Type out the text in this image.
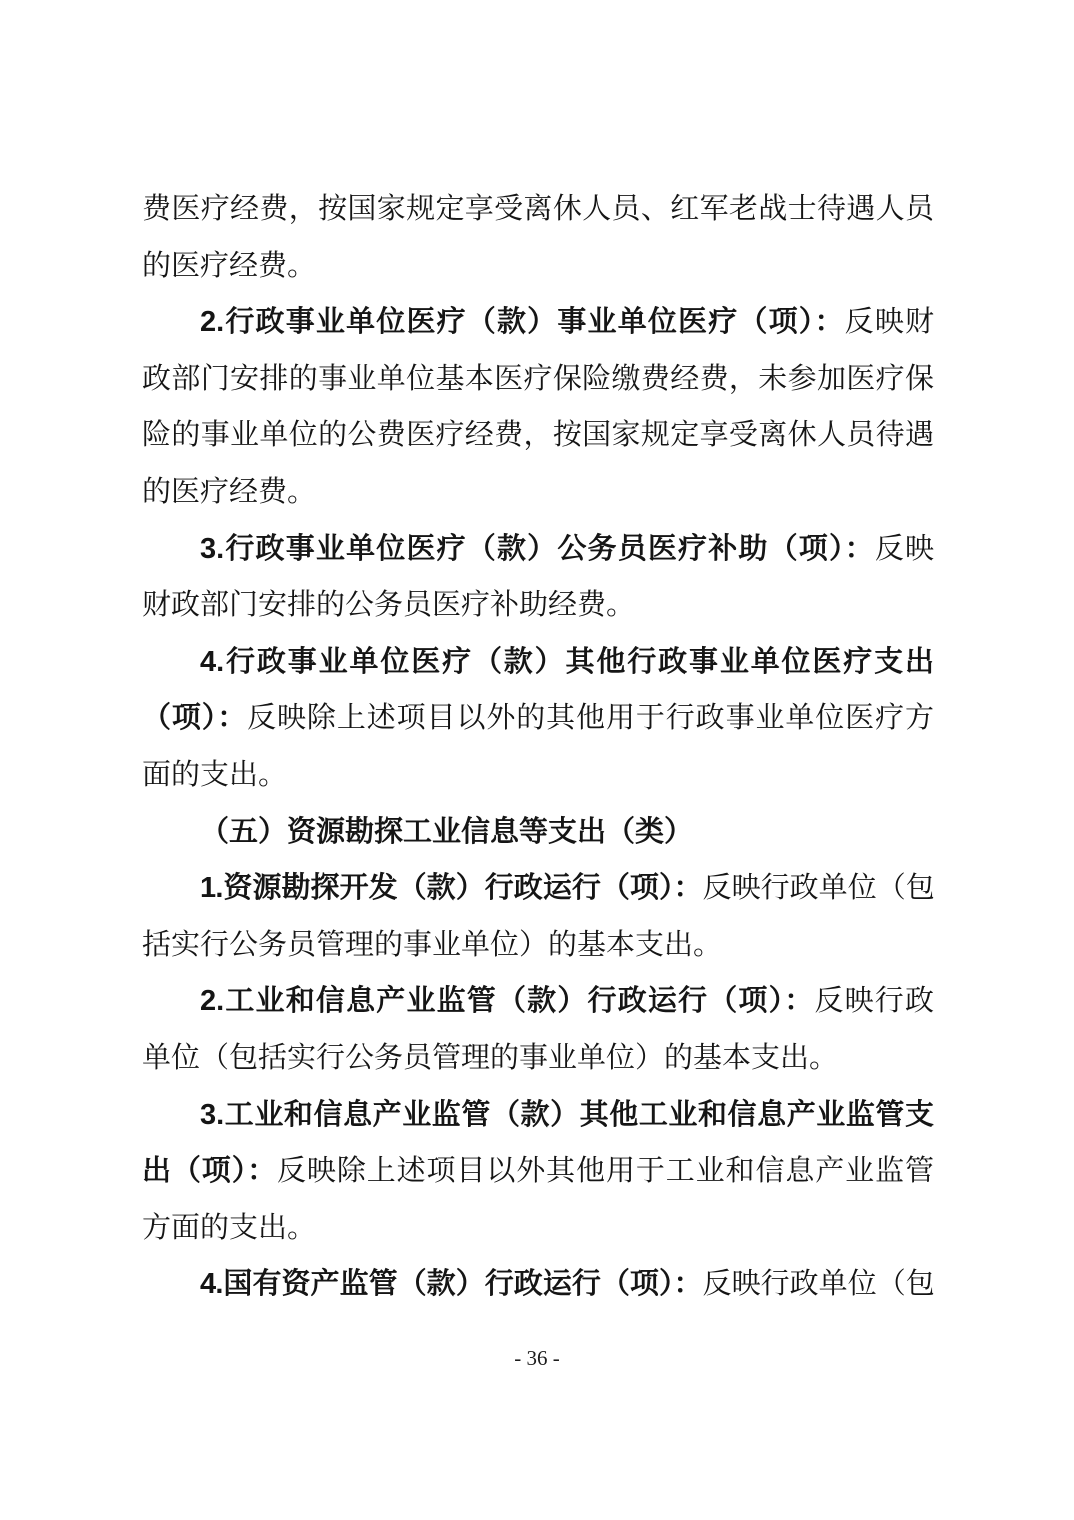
费医疗经费，按国家规定享受离休人员、红军老战士待遇人员
的医疗经费。
2.行政事业单位医疗（款）事业单位医疗（项）：反映财
政部门安排的事业单位基本医疗保险缴费经费，未参加医疗保
险的事业单位的公费医疗经费，按国家规定享受离休人员待遇
的医疗经费。
3.行政事业单位医疗（款）公务员医疗补助（项）：反映
财政部门安排的公务员医疗补助经费。
4.行政事业单位医疗（款）其他行政事业单位医疗支出
（项）：反映除上述项目以外的其他用于行政事业单位医疗方
面的支出。
（五）资源勘探工业信息等支出（类）
1.资源勘探开发（款）行政运行（项）：反映行政单位（包
括实行公务员管理的事业单位）的基本支出。
2.工业和信息产业监管（款）行政运行（项）：反映行政
单位（包括实行公务员管理的事业单位）的基本支出。
3.工业和信息产业监管（款）其他工业和信息产业监管支
出（项）：反映除上述项目以外其他用于工业和信息产业监管
方面的支出。
4.国有资产监管（款）行政运行（项）：反映行政单位（包
- 36 -
